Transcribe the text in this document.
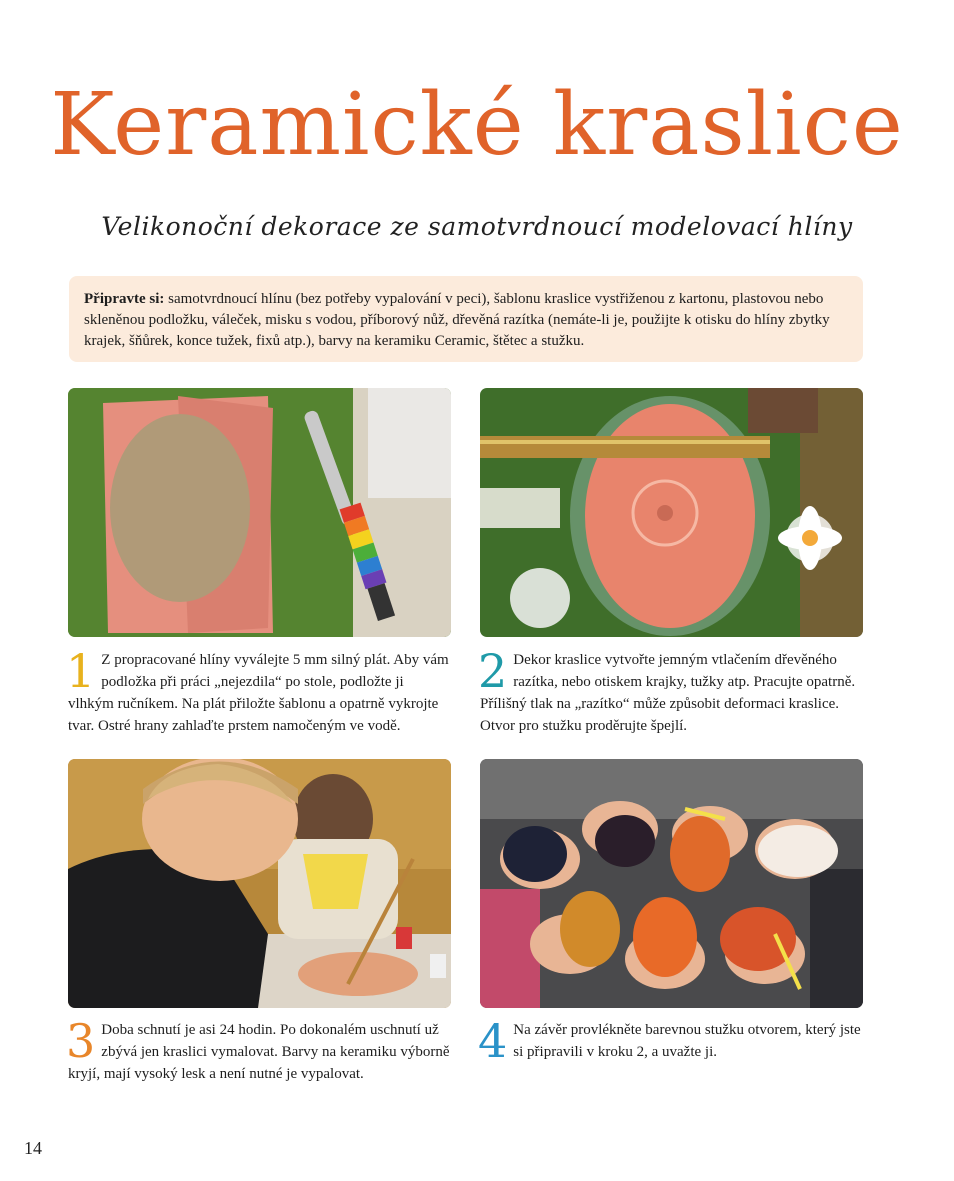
Keramické kraslice
Velikonoční dekorace ze samotvrdnoucí modelovací hlíny
Připravte si: samotvrdnoucí hlínu (bez potřeby vypalování v peci), šablonu kraslice vystřiženou z kartonu, plastovou nebo skleněnou podložku, váleček, misku s vodou, příborový nůž, dřevěná razítka (nemáte-li je, použijte k otisku do hlíny zbytky krajek, šňůrek, konce tužek, fixů atp.), barvy na keramiku Ceramic, štětec a stužku.
1 Z propracované hlíny vyválejte 5 mm silný plát. Aby vám podložka při práci „nejezdila“ po stole, podložte ji vlhkým ručníkem. Na plát přiložte šablonu a opatrně vykrojte tvar. Ostré hrany zahlaďte prstem namočeným ve vodě.
2 Dekor kraslice vytvořte jemným vtlačením dřevěného razítka, nebo otiskem krajky, tužky atp. Pracujte opatrně. Přílišný tlak na „razítko“ může způsobit deformaci kraslice. Otvor pro stužku proděrujte špejlí.
3 Doba schnutí je asi 24 hodin. Po dokonalém uschnutí už zbývá jen kraslici vymalovat. Barvy na keramiku výborně kryjí, mají vysoký lesk a není nutné je vypalovat.
4 Na závěr provlékněte barevnou stužku otvorem, který jste si připravili v kroku 2, a uvažte ji.
14
